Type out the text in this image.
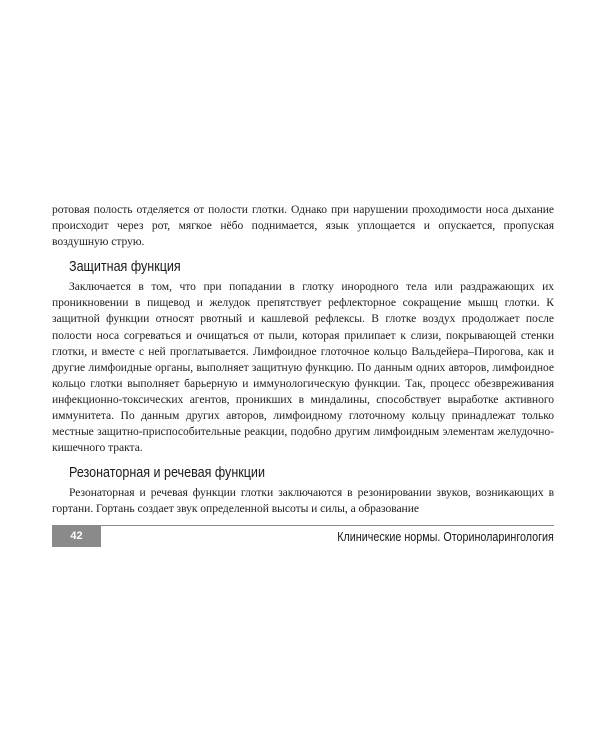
ротовая полость отделяется от полости глотки. Однако при нарушении проходимости носа дыхание происходит через рот, мягкое нёбо поднимается, язык уплощается и опускается, пропуская воздушную струю.

Защитная функция

Заключается в том, что при попадании в глотку инородного тела или раздражающих их проникновении в пищевод и желудок препятствует рефлекторное сокращение мышц глотки. К защитной функции относят рвотный и кашлевой рефлексы. В глотке воздух продолжает после полости носа согреваться и очищаться от пыли, которая прилипает к слизи, покрывающей стенки глотки, и вместе с ней проглатывается. Лимфоидное глоточное кольцо Вальдейера–Пирогова, как и другие лимфоидные органы, выполняет защитную функцию. По данным одних авторов, лимфоидное кольцо глотки выполняет барьерную и иммунологическую функции. Так, процесс обезвреживания инфекционно-токсических агентов, проникших в миндалины, способствует выработке активного иммунитета. По данным других авторов, лимфоидному глоточному кольцу принадлежат только местные защитно-приспособительные реакции, подобно другим лимфоидным элементам желудочно-кишечного тракта.

Резонаторная и речевая функции

Резонаторная и речевая функции глотки заключаются в резонировании звуков, возникающих в гортани. Гортань создает звук определенной высоты и силы, а образование

42	Клинические нормы. Оториноларингология
